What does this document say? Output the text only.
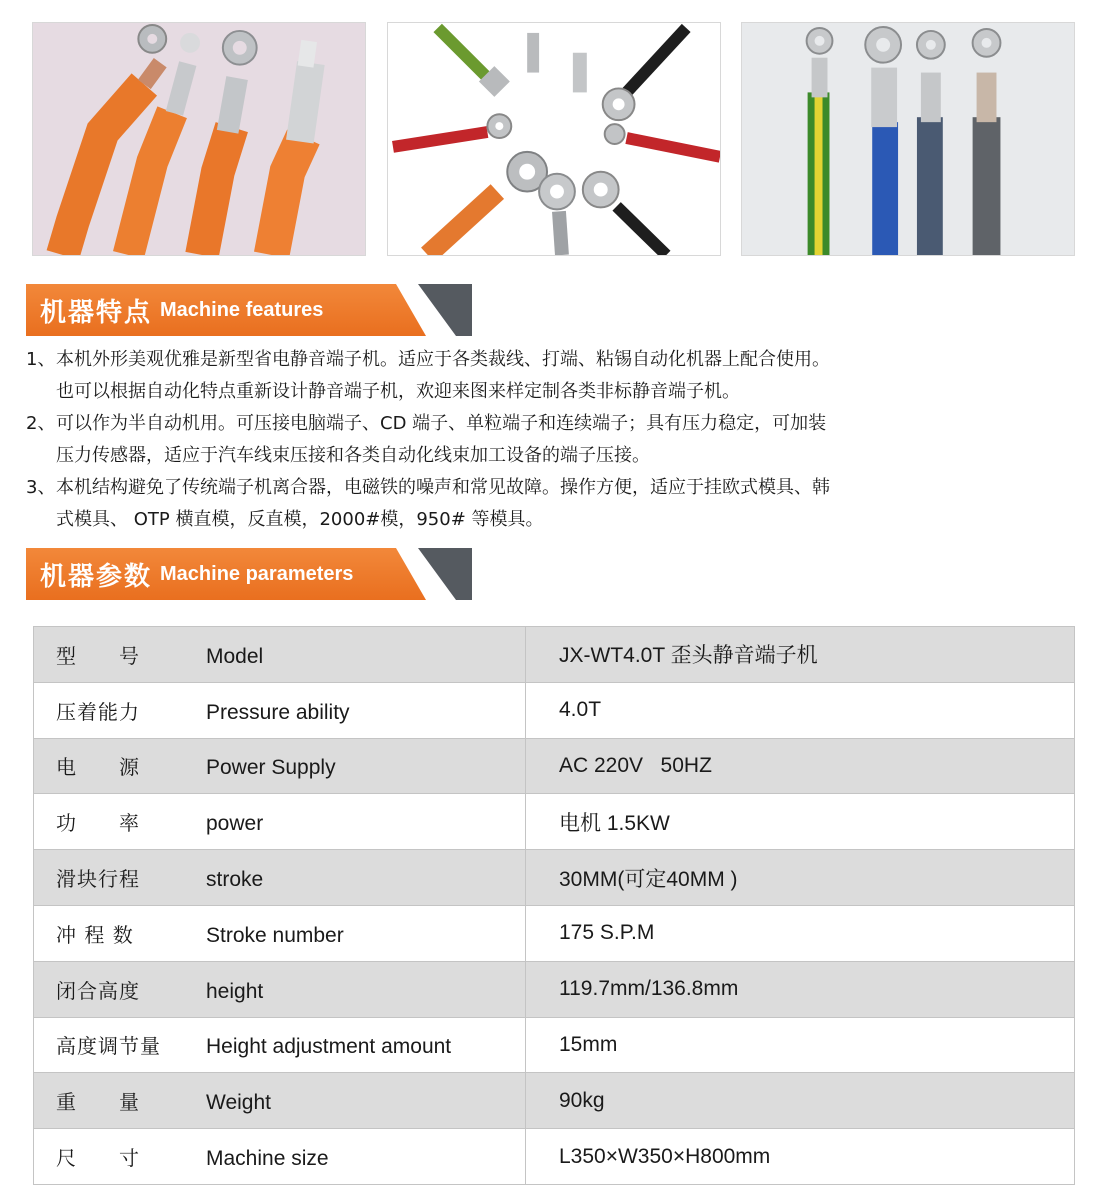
机器特点 Machine features
1、 本机外形美观优雅是新型省电静音端子机。适应于各类裁线、打端、粘锡自动化机器上配合使用。
也可以根据自动化特点重新设计静音端子机，欢迎来图来样定制各类非标静音端子机。
2、 可以作为半自动机用。可压接电脑端子、CD 端子、单粒端子和连续端子；具有压力稳定，可加装
压力传感器，适应于汽车线束压接和各类自动化线束加工设备的端子压接。
3、 本机结构避免了传统端子机离合器，电磁铁的噪声和常见故障。操作方便，适应于挂欧式模具、韩
式模具、 OTP 横直模，反直模，2000#模，950# 等模具。
机器参数 Machine parameters
型　　号 Model	JX-WT4.0T 歪头静音端子机
压着能力 Pressure ability	4.0T
电　　源 Power Supply	AC 220V   50HZ
功　　率 power	电机 1.5KW
滑块行程 stroke	30MM(可定40MM )
冲 程 数 Stroke number	175 S.P.M
闭合高度 height	119.7mm/136.8mm
高度调节量 Height adjustment amount	15mm
重　　量 Weight	90kg
尺　　寸 Machine size	L350×W350×H800mm
